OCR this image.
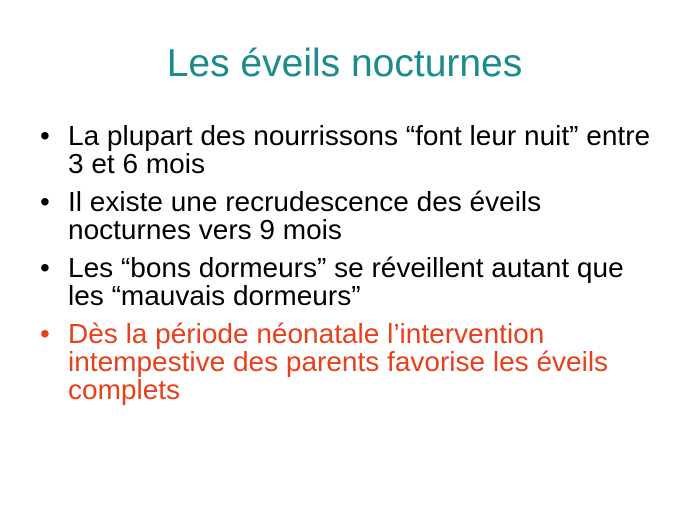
Les éveils nocturnes
• La plupart des nourrissons “font leur nuit” entre 3 et 6 mois
• Il existe une recrudescence des éveils nocturnes vers 9 mois
• Les “bons dormeurs” se réveillent autant que les “mauvais dormeurs”
• Dès la période néonatale l’intervention intempestive des parents favorise les éveils complets
